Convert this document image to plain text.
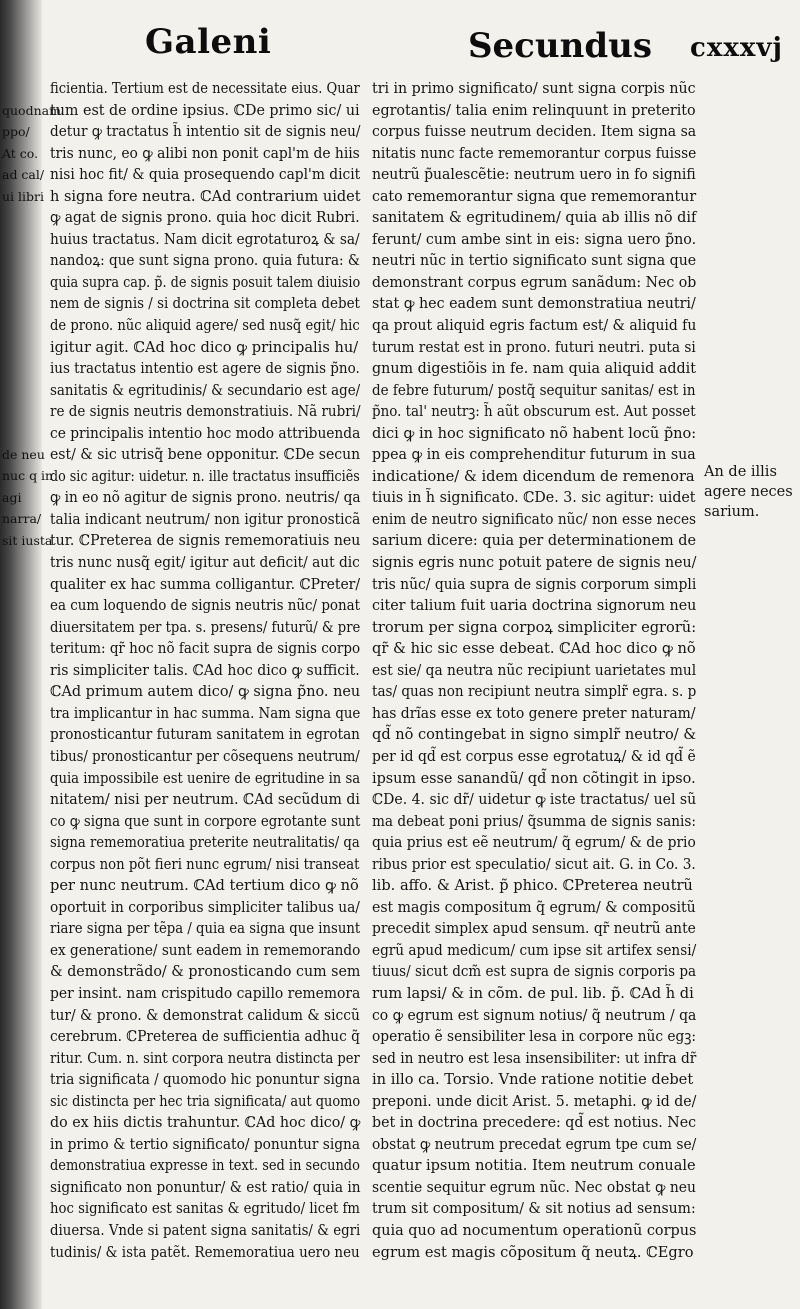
quodnam
ppo/
At co.
ad cal/
ui libri
de neu
nuc q in
agi
narra/
sit iusta
Galeni	Secundus cxxxvj
ficientia. Tertium est de necessitate eius. Quar
tum est de ordine ipsius. ℂDe primo sic/ ui
detur ꝙ tractatus h̃ intentio sit de signis neu/
tris nunc, eo ꝙ alibi non ponit capl'm de hiis
nisi hoc fit/ & quia prosequendo capl'm dicit
h signa fore neutra. ℂAd contrarium uidet
ꝙ agat de signis prono. quia hoc dicit Rubri.
huius tractatus. Nam dicit egrotaturoꝝ & sa/
nandoꝝ: que sunt signa prono. quia futura: &
quia supra cap. p̃. de signis posuit talem diuisio
nem de signis / si doctrina sit completa debet
de prono. nũc aliquid agere/ sed nusq̃ egit/ hic
igitur agit. ℂAd hoc dico ꝙ principalis hu/
ius tractatus intentio est agere de signis p̃no.
sanitatis & egritudinis/ & secundario est age/
re de signis neutris demonstratiuis. Nã rubri/
ce principalis intentio hoc modo attribuenda
est/ & sic utrisq̃ bene opponitur. ℂDe secun
do sic agitur: uidetur. n. ille tractatus insufficiẽs
ꝙ in eo nõ agitur de signis prono. neutris/ qa
talia indicant neutrum/ non igitur pronosticã
tur. ℂPreterea de signis rememoratiuis neu
tris nunc nusq̃ egit/ igitur aut deficit/ aut dic
qualiter ex hac summa colligantur. ℂPreter/
ea cum loquendo de signis neutris nũc/ ponat
diuersitatem per tpa. s. presens/ futurũ/ & pre
teritum: qr̃ hoc nõ facit supra de signis corpo
ris simpliciter talis. ℂAd hoc dico ꝙ sufficit.
ℂAd primum autem dico/ ꝙ signa p̃no. neu
tra implicantur in hac summa. Nam signa que
pronosticantur futuram sanitatem in egrotan
tibus/ pronosticantur per cõsequens neutrum/
quia impossibile est uenire de egritudine in sa
nitatem/ nisi per neutrum. ℂAd secũdum di
co ꝙ signa que sunt in corpore egrotante sunt
signa rememoratiua preterite neutralitatis/ qa
corpus non põt fieri nunc egrum/ nisi transeat
per nunc neutrum. ℂAd tertium dico ꝙ nõ
oportuit in corporibus simpliciter talibus ua/
riare signa per tẽpa / quia ea signa que insunt
ex generatione/ sunt eadem in rememorando
& demonstrãdo/ & pronosticando cum sem
per insint. nam crispitudo capillo rememora
tur/ & prono. & demonstrat calidum & siccũ
cerebrum. ℂPreterea de sufficientia adhuc q̃
ritur. Cum. n. sint corpora neutra distincta per
tria significata / quomodo hic ponuntur signa
sic distincta per hec tria significata/ aut quomo
do ex hiis dictis trahuntur. ℂAd hoc dico/ ꝙ
in primo & tertio significato/ ponuntur signa
demonstratiua expresse in text. sed in secundo
significato non ponuntur/ & est ratio/ quia in
hoc significato est sanitas & egritudo/ licet fm
diuersa. Vnde si patent signa sanitatis/ & egri
tudinis/ & ista patẽt. Rememoratiua uero neu
tri in primo significato/ sunt signa corpis nũc
egrotantis/ talia enim relinquunt in preterito
corpus fuisse neutrum deciden. Item signa sa
nitatis nunc facte rememorantur corpus fuisse
neutrũ p̃ualescẽtie: neutrum uero in fo signifi
cato rememorantur signa que rememorantur
sanitatem & egritudinem/ quia ab illis nõ dif
ferunt/ cum ambe sint in eis: signa uero p̃no.
neutri nũc in tertio significato sunt signa que
demonstrant corpus egrum sanãdum: Nec ob
stat ꝙ hec eadem sunt demonstratiua neutri/
qa prout aliquid egris factum est/ & aliquid fu
turum restat est in prono. futuri neutri. puta si
gnum digestiõis in fe. nam quia aliquid addit
de febre futurum/ postq̃ sequitur sanitas/ est in
p̃no. tal' neutrꝫ: h̃ aũt obscurum est. Aut posset
dici ꝙ in hoc significato nõ habent locũ p̃no:
ppea ꝙ in eis comprehenditur futurum in sua
indicatione/ & idem dicendum de remenora
tiuis in h̃ significato. ℂDe. 3. sic agitur: uidet
enim de neutro significato nũc/ non esse neces
sarium dicere: quia per determinationem de
signis egris nunc potuit patere de signis neu/
tris nũc/ quia supra de signis corporum simpli
citer talium fuit uaria doctrina signorum neu
trorum per signa corpoꝝ simpliciter egrorũ:
qr̃ & hic sic esse debeat. ℂAd hoc dico ꝙ nõ
est sie/ qa neutra nũc recipiunt uarietates mul
tas/ quas non recipiunt neutra simplr̃ egra. s. p
has drĩas esse ex toto genere preter naturam/
qd̃ nõ contingebat in signo simplr̃ neutro/ &
per id qd̃ est corpus esse egrotatuꝝ/ & id qd̃ ẽ
ipsum esse sanandũ/ qd̃ non cõtingit in ipso.
ℂDe. 4. sic dr̃/ uidetur ꝙ iste tractatus/ uel sũ
ma debeat poni prius/ q̃summa de signis sanis:
quia prius est eẽ neutrum/ q̃ egrum/ & de prio
ribus prior est speculatio/ sicut ait. G. in Co. 3.
lib. affo. & Arist. p̃ phico. ℂPreterea neutrũ
est magis compositum q̃ egrum/ & compositũ
precedit simplex apud sensum. qr̃ neutrũ ante
egrũ apud medicum/ cum ipse sit artifex sensi/
tiuus/ sicut dcm̃ est supra de signis corporis pa
rum lapsi/ & in cõm. de pul. lib. p̃. ℂAd h̃ di
co ꝙ egrum est signum notius/ q̃ neutrum / qa
operatio ẽ sensibiliter lesa in corpore nũc egꝫ:
sed in neutro est lesa insensibiliter: ut infra dr̃
in illo ca. Torsio. Vnde ratione notitie debet
preponi. unde dicit Arist. 5. metaphi. ꝙ id de/
bet in doctrina precedere: qd̃ est notius. Nec
obstat ꝙ neutrum precedat egrum tpe cum se/
quatur ipsum notitia. Item neutrum conuale
scentie sequitur egrum nũc. Nec obstat ꝙ neu
trum sit compositum/ & sit notius ad sensum:
quia quo ad nocumentum operationũ corpus
egrum est magis cõpositum q̃ neutꝝ. ℂEgro
An de illis
agere neces
sarium.
